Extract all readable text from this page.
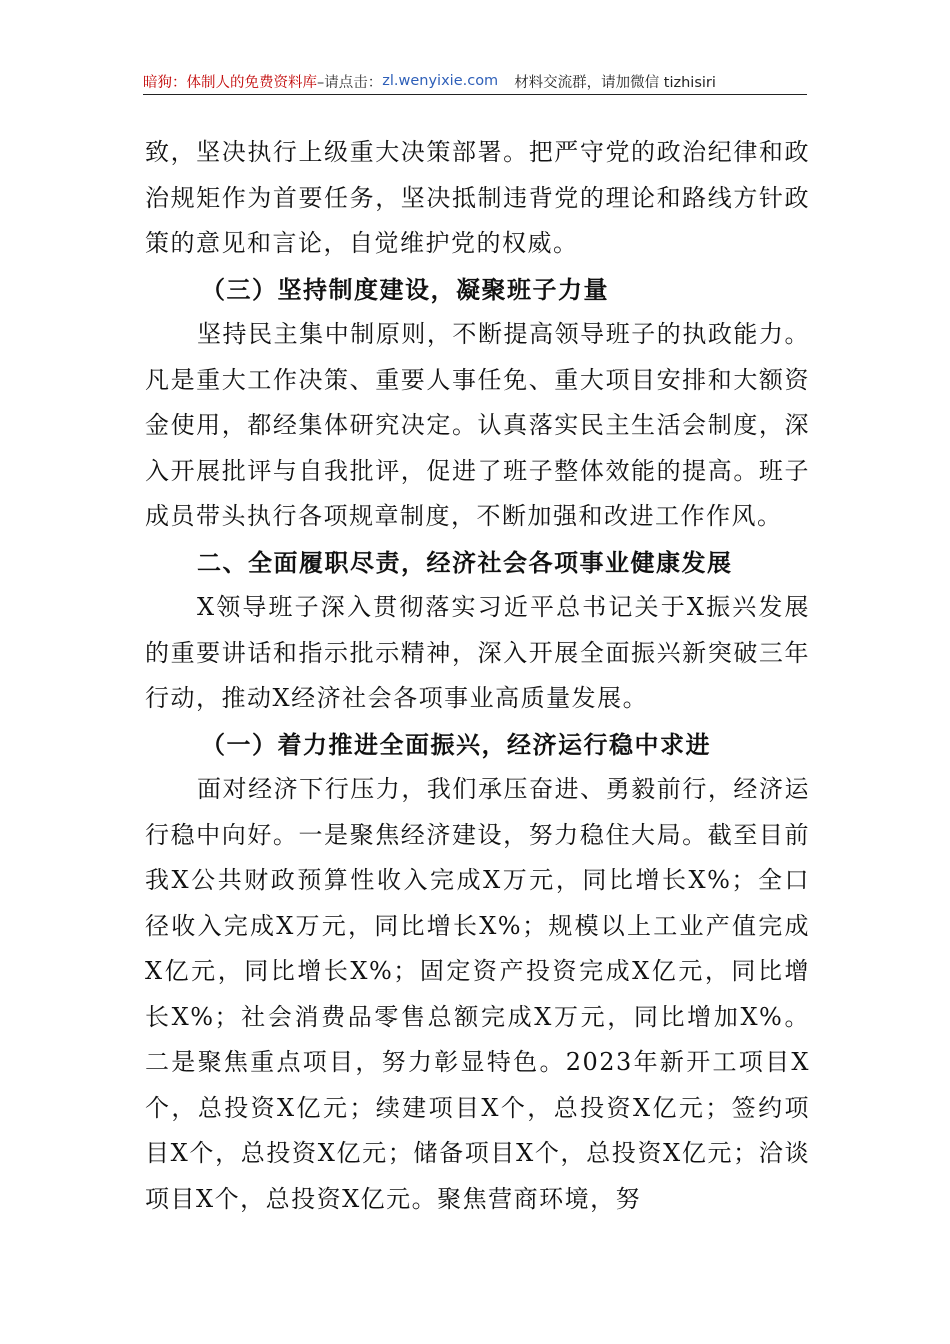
暗狗：体制人的免费资料库 –请点击： zl.wenyixie.com 材料交流群，请加微信 tizhisiri

致，坚决执行上级重大决策部署。把严守党的政治纪律和政治规矩作为首要任务，坚决抵制违背党的理论和路线方针政策的意见和言论，自觉维护党的权威。

（三）坚持制度建设，凝聚班子力量

坚持民主集中制原则，不断提高领导班子的执政能力。凡是重大工作决策、重要人事任免、重大项目安排和大额资金使用，都经集体研究决定。认真落实民主生活会制度，深入开展批评与自我批评，促进了班子整体效能的提高。班子成员带头执行各项规章制度，不断加强和改进工作作风。

二、全面履职尽责，经济社会各项事业健康发展

X领导班子深入贯彻落实习近平总书记关于X振兴发展的重要讲话和指示批示精神，深入开展全面振兴新突破三年行动，推动X经济社会各项事业高质量发展。

（一）着力推进全面振兴，经济运行稳中求进

面对经济下行压力，我们承压奋进、勇毅前行，经济运行稳中向好。一是聚焦经济建设，努力稳住大局。截至目前我X公共财政预算性收入完成X万元，同比增长X%；全口径收入完成X万元，同比增长X%；规模以上工业产值完成X亿元，同比增长X%；固定资产投资完成X亿元，同比增长X%；社会消费品零售总额完成X万元，同比增加X%。二是聚焦重点项目，努力彰显特色。2023年新开工项目X个，总投资X亿元；续建项目X个，总投资X亿元；签约项目X个，总投资X亿元；储备项目X个，总投资X亿元；洽谈项目X个，总投资X亿元。聚焦营商环境，努
